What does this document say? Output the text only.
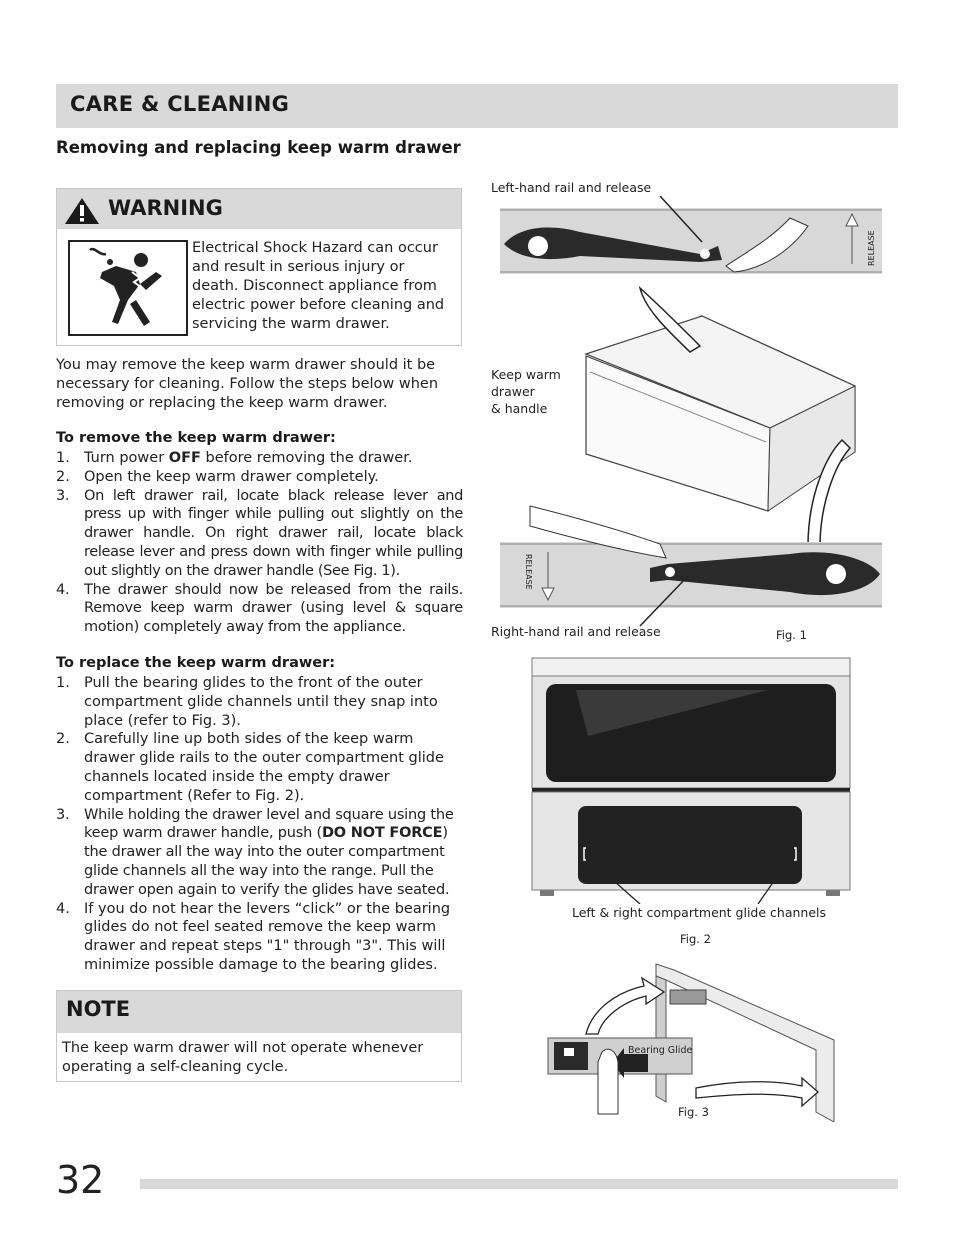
CARE & CLEANING
Removing and replacing keep warm drawer
WARNING
Electrical Shock Hazard can occur and result in serious injury or death. Disconnect appliance from electric power before cleaning and servicing the warm drawer.
You may remove the keep warm drawer should it be necessary for cleaning. Follow the steps below when removing or replacing the keep warm drawer.
To remove the keep warm drawer:
1. Turn power OFF before removing the drawer.
2. Open the keep warm drawer completely.
3. On left drawer rail, locate black release lever and press up with finger while pulling out slightly on the drawer handle. On right drawer rail, locate black release lever and press down with finger while pulling out slightly on the drawer handle (See Fig. 1).
4. The drawer should now be released from the rails. Remove keep warm drawer (using level & square motion) completely away from the appliance.
To replace the keep warm drawer:
1. Pull the bearing glides to the front of the outer compartment glide channels until they snap into place (refer to Fig. 3).
2. Carefully line up both sides of the keep warm drawer glide rails to the outer compartment glide channels located inside the empty drawer compartment (Refer to Fig. 2).
3. While holding the drawer level and square using the keep warm drawer handle, push (DO NOT FORCE) the drawer all the way into the outer compartment glide channels all the way into the range. Pull the drawer open again to verify the glides have seated.
4. If you do not hear the levers “click” or the bearing glides do not feel seated remove the keep warm drawer and repeat steps "1" through "3". This will minimize possible damage to the bearing glides.
NOTE
The keep warm drawer will not operate whenever operating a self-cleaning cycle.
Left-hand rail and release
RELEASE
RELEASE
Keep warm
drawer
& handle
Right-hand rail and release	Fig. 1
Left & right compartment glide channels
Fig. 2
Bearing Glide
Fig. 3
32
